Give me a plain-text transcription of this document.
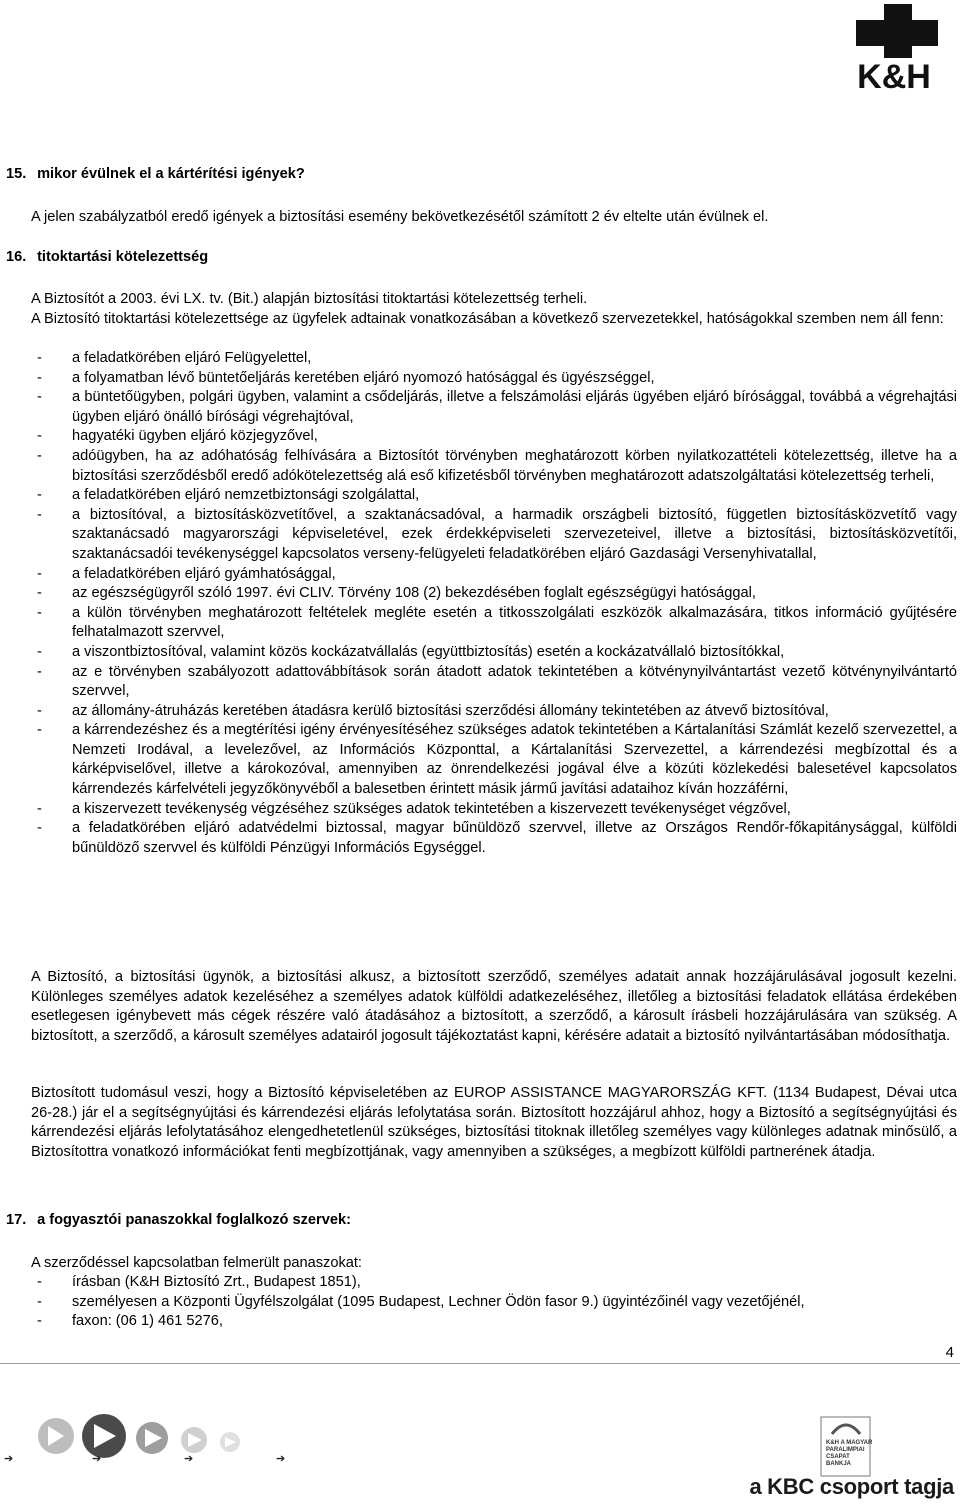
K&H
15. mikor évülnek el a kártérítési igények?

A jelen szabályzatból eredő igények a biztosítási esemény bekövetkezésétől számított 2 év eltelte után évülnek el.

16. titoktartási kötelezettség

A Biztosítót a 2003. évi LX. tv. (Bit.) alapján biztosítási titoktartási kötelezettség terheli.

A Biztosító titoktartási kötelezettsége az ügyfelek adtainak vonatkozásában a következő szervezetekkel, hatóságokkal szemben nem áll fenn:

- a feladatkörében eljáró Felügyelettel,
- a folyamatban lévő büntetőeljárás keretében eljáró nyomozó hatósággal és ügyészséggel,
- a büntetőügyben, polgári ügyben, valamint a csődeljárás, illetve a felszámolási eljárás ügyében eljáró bírósággal, továbbá a végrehajtási ügyben eljáró önálló bírósági végrehajtóval,
- hagyatéki ügyben eljáró közjegyzővel,
- adóügyben, ha az adóhatóság felhívására a Biztosítót törvényben meghatározott körben nyilatkozattételi kötelezettség, illetve ha a biztosítási szerződésből eredő adókötelezettség alá eső kifizetésből törvényben meghatározott adatszolgáltatási kötelezettség terheli,
- a feladatkörében eljáró nemzetbiztonsági szolgálattal,
- a biztosítóval, a biztosításközvetítővel, a szaktanácsadóval, a harmadik országbeli biztosító, független biztosításközvetítő vagy szaktanácsadó magyarországi képviseletével, ezek érdekképviseleti szervezeteivel, illetve a biztosítási, biztosításközvetítői, szaktanácsadói tevékenységgel kapcsolatos verseny-felügyeleti feladatkörében eljáró Gazdasági Versenyhivatallal,
- a feladatkörében eljáró gyámhatósággal,
- az egészségügyről szóló 1997. évi CLIV. Törvény 108 (2) bekezdésében foglalt egészségügyi hatósággal,
- a külön törvényben meghatározott feltételek megléte esetén a titkosszolgálati eszközök alkalmazására, titkos információ gyűjtésére felhatalmazott szervvel,
- a viszontbiztosítóval, valamint közös kockázatvállalás (együttbiztosítás) esetén a kockázatvállaló biztosítókkal,
- az e törvényben szabályozott adattovábbítások során átadott adatok tekintetében a kötvénynyilvántartást vezető kötvénynyilvántartó szervvel,
- az állomány-átruházás keretében átadásra kerülő biztosítási szerződési állomány tekintetében az átvevő biztosítóval,
- a kárrendezéshez és a megtérítési igény érvényesítéséhez szükséges adatok tekintetében a Kártalanítási Számlát kezelő szervezettel, a Nemzeti Irodával, a levelezővel, az Információs Központtal, a Kártalanítási Szervezettel, a kárrendezési megbízottal és a kárképviselővel, illetve a károkozóval, amennyiben az önrendelkezési jogával élve a közúti közlekedési balesetével kapcsolatos kárrendezés kárfelvételi jegyzőkönyvéből a balesetben érintett másik jármű javítási adataihoz kíván hozzáférni,
- a kiszervezett tevékenység végzéséhez szükséges adatok tekintetében a kiszervezett tevékenységet végzővel,
- a feladatkörében eljáró adatvédelmi biztossal, magyar bűnüldöző szervvel, illetve az Országos Rendőr-főkapitánysággal, külföldi bűnüldöző szervvel és külföldi Pénzügyi Információs Egységgel.

A Biztosító, a biztosítási ügynök, a biztosítási alkusz, a biztosított szerződő, személyes adatait annak hozzájárulásával jogosult kezelni. Különleges személyes adatok kezeléséhez a személyes adatok külföldi adatkezeléséhez, illetőleg a biztosítási feladatok ellátása érdekében esetlegesen igénybevett más cégek részére való átadásához a biztosított, a szerződő, a károsult írásbeli hozzájárulására van szükség. A biztosított, a szerződő, a károsult személyes adatairól jogosult tájékoztatást kapni, kérésére adatait a biztosító nyilvántartásában módosíthatja.

Biztosított tudomásul veszi, hogy a Biztosító képviseletében az EUROP ASSISTANCE MAGYARORSZÁG KFT. (1134 Budapest, Dévai utca 26-28.) jár el a segítségnyújtási és kárrendezési eljárás lefolytatása során. Biztosított hozzájárul ahhoz, hogy a Biztosító a segítségnyújtási és kárrendezési eljárás lefolytatásához elengedhetetlenül szükséges, biztosítási titoknak illetőleg személyes vagy különleges adatnak minősülő, a Biztosítottra vonatkozó információkat fenti megbízottjának, vagy amennyiben a szükséges, a megbízott külföldi partnerének átadja.

17. a fogyasztói panaszokkal foglalkozó szervek:

A szerződéssel kapcsolatban felmerült panaszokat:

- írásban (K&H Biztosító Zrt., Budapest 1851),
- személyesen a Központi Ügyfélszolgálat (1095 Budapest, Lechner Ödön fasor 9.) ügyintézőinél vagy vezetőjénél,
- faxon: (06 1) 461 5276,
4
➔	➔	➔	➔
K&H A MAGYAR PARALIMPIAI CSAPAT BANKJA
a KBC csoport tagja
